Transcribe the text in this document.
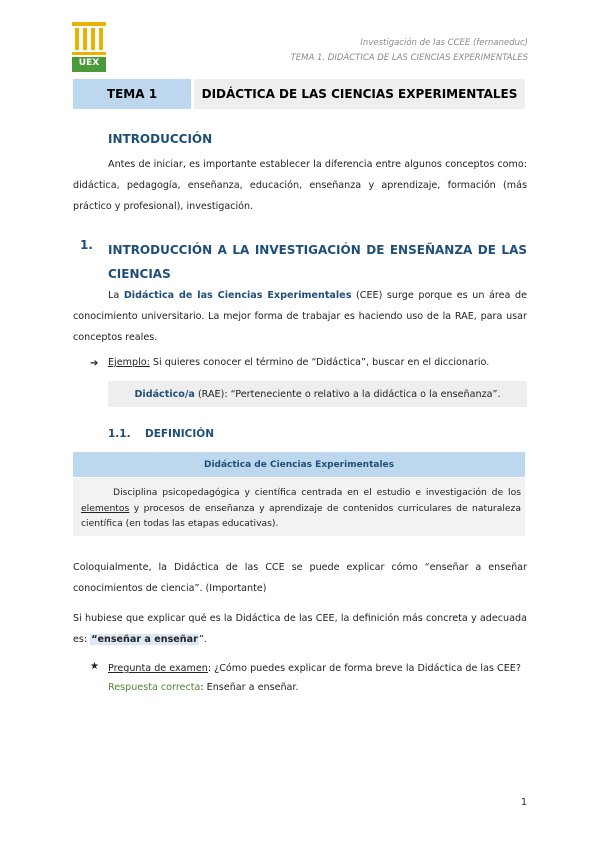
UEX
Investigación de las CCEE (fernaneduc)
TEMA 1. DIDÁCTICA DE LAS CIENCIAS EXPERIMENTALES
TEMA 1	DIDÁCTICA DE LAS CIENCIAS EXPERIMENTALES
INTRODUCCIÓN
Antes de iniciar, es importante establecer la diferencia entre algunos conceptos como: didáctica, pedagogía, enseñanza, educación, enseñanza y aprendizaje, formación (más práctico y profesional), investigación.
1. INTRODUCCIÓN A LA INVESTIGACIÓN DE ENSEÑANZA DE LAS CIENCIAS
La Didáctica de las Ciencias Experimentales (CEE) surge porque es un área de conocimiento universitario. La mejor forma de trabajar es haciendo uso de la RAE, para usar conceptos reales.
➔ Ejemplo: Si quieres conocer el término de “Didáctica”, buscar en el diccionario.
Didáctico/a (RAE): “Perteneciente o relativo a la didáctica o la enseñanza”.
1.1. DEFINICIÓN
Didáctica de Ciencias Experimentales
Disciplina psicopedagógica y científica centrada en el estudio e investigación de los elementos y procesos de enseñanza y aprendizaje de contenidos curriculares de naturaleza científica (en todas las etapas educativas).
Coloquialmente, la Didáctica de las CCE se puede explicar cómo “enseñar a enseñar conocimientos de ciencia”. (Importante)
Si hubiese que explicar qué es la Didáctica de las CEE, la definición más concreta y adecuada es: “enseñar a enseñar”.
★ Pregunta de examen: ¿Cómo puedes explicar de forma breve la Didáctica de las CEE?
Respuesta correcta: Enseñar a enseñar.
1
